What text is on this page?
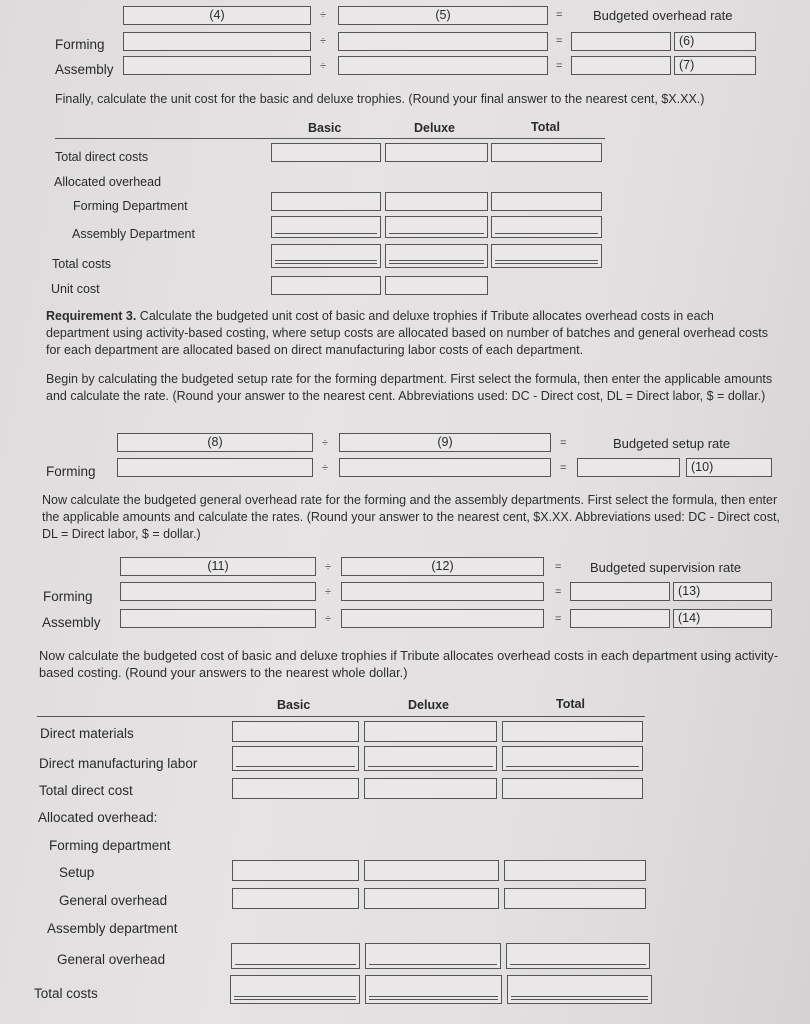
(4)	÷	(5)	= Budgeted overhead rate
Forming	÷	=	(6)
Assembly	÷	=	(7)
Finally, calculate the unit cost for the basic and deluxe trophies. (Round your final answer to the nearest cent, $X.XX.)
Basic	Deluxe	Total
Total direct costs
Allocated overhead
Forming Department
Assembly Department
Total costs
Unit cost
Requirement 3. Calculate the budgeted unit cost of basic and deluxe trophies if Tribute allocates overhead costs in each department using activity-based costing, where setup costs are allocated based on number of batches and general overhead costs for each department are allocated based on direct manufacturing labor costs of each department.
Begin by calculating the budgeted setup rate for the forming department. First select the formula, then enter the applicable amounts and calculate the rate. (Round your answer to the nearest cent. Abbreviations used: DC - Direct cost, DL = Direct labor, $ = dollar.)
(8)	÷	(9)	=	Budgeted setup rate
Forming	÷	=	(10)
Now calculate the budgeted general overhead rate for the forming and the assembly departments. First select the formula, then enter the applicable amounts and calculate the rates. (Round your answer to the nearest cent, $X.XX. Abbreviations used: DC - Direct cost, DL = Direct labor, $ = dollar.)
(11)	÷	(12)	= Budgeted supervision rate
Forming	÷	=	(13)
Assembly	÷	=	(14)
Now calculate the budgeted cost of basic and deluxe trophies if Tribute allocates overhead costs in each department using activity-based costing. (Round your answers to the nearest whole dollar.)
Basic	Deluxe	Total
Direct materials
Direct manufacturing labor
Total direct cost
Allocated overhead:
Forming department
Setup
General overhead
Assembly department
General overhead
Total costs
